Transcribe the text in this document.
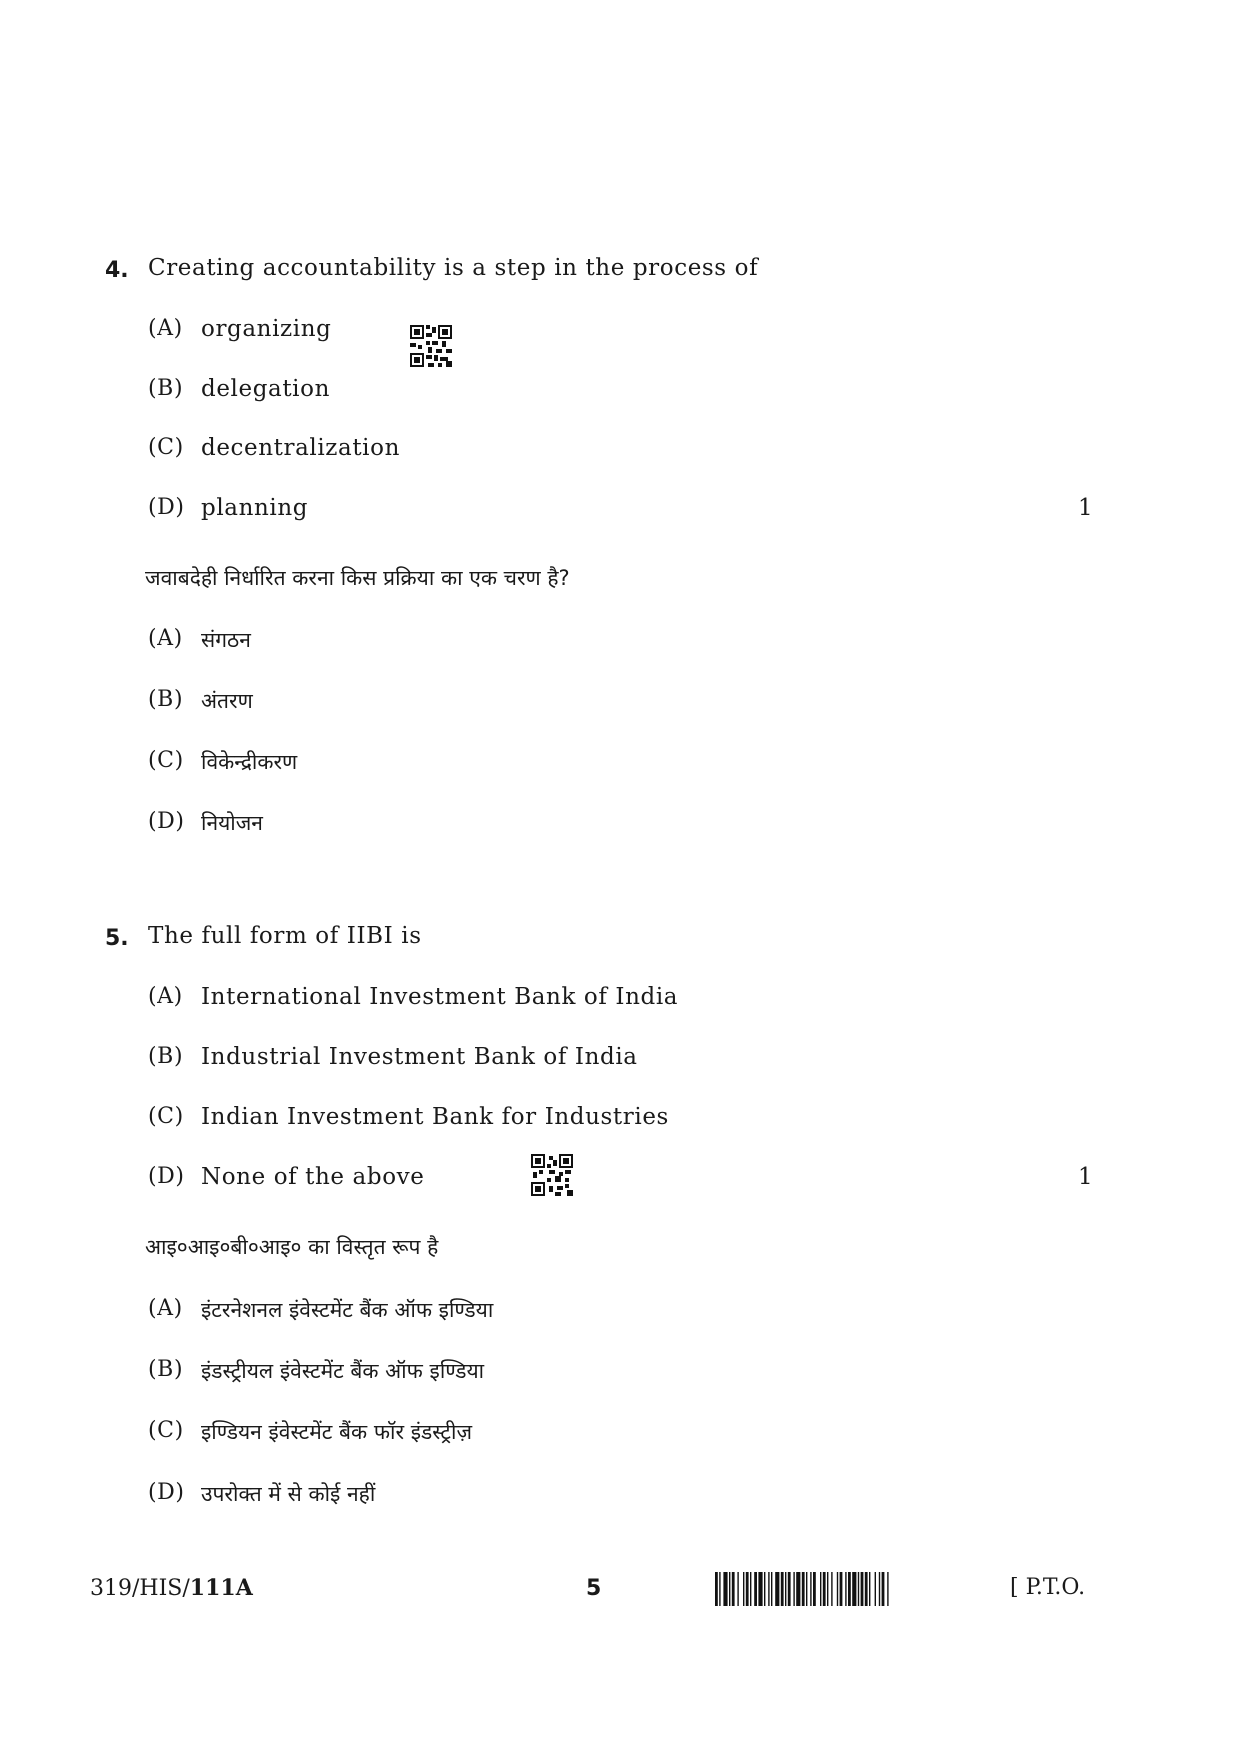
4. Creating accountability is a step in the process of
(A) organizing
(B) delegation
(C) decentralization
(D) planning	1
जवाबदेही निर्धारित करना किस प्रक्रिया का एक चरण है?
(A) संगठन
(B) अंतरण
(C) विकेन्द्रीकरण
(D) नियोजन
5. The full form of IIBI is
(A) International Investment Bank of India
(B) Industrial Investment Bank of India
(C) Indian Investment Bank for Industries
(D) None of the above	1
आइ०आइ०बी०आइ० का विस्तृत रूप है
(A) इंटरनेशनल इंवेस्टमेंट बैंक ऑफ इण्डिया
(B) इंडस्ट्रीयल इंवेस्टमेंट बैंक ऑफ इण्डिया
(C) इण्डियन इंवेस्टमेंट बैंक फॉर इंडस्ट्रीज़
(D) उपरोक्त में से कोई नहीं
319/HIS/111A	5	[ P.T.O.
